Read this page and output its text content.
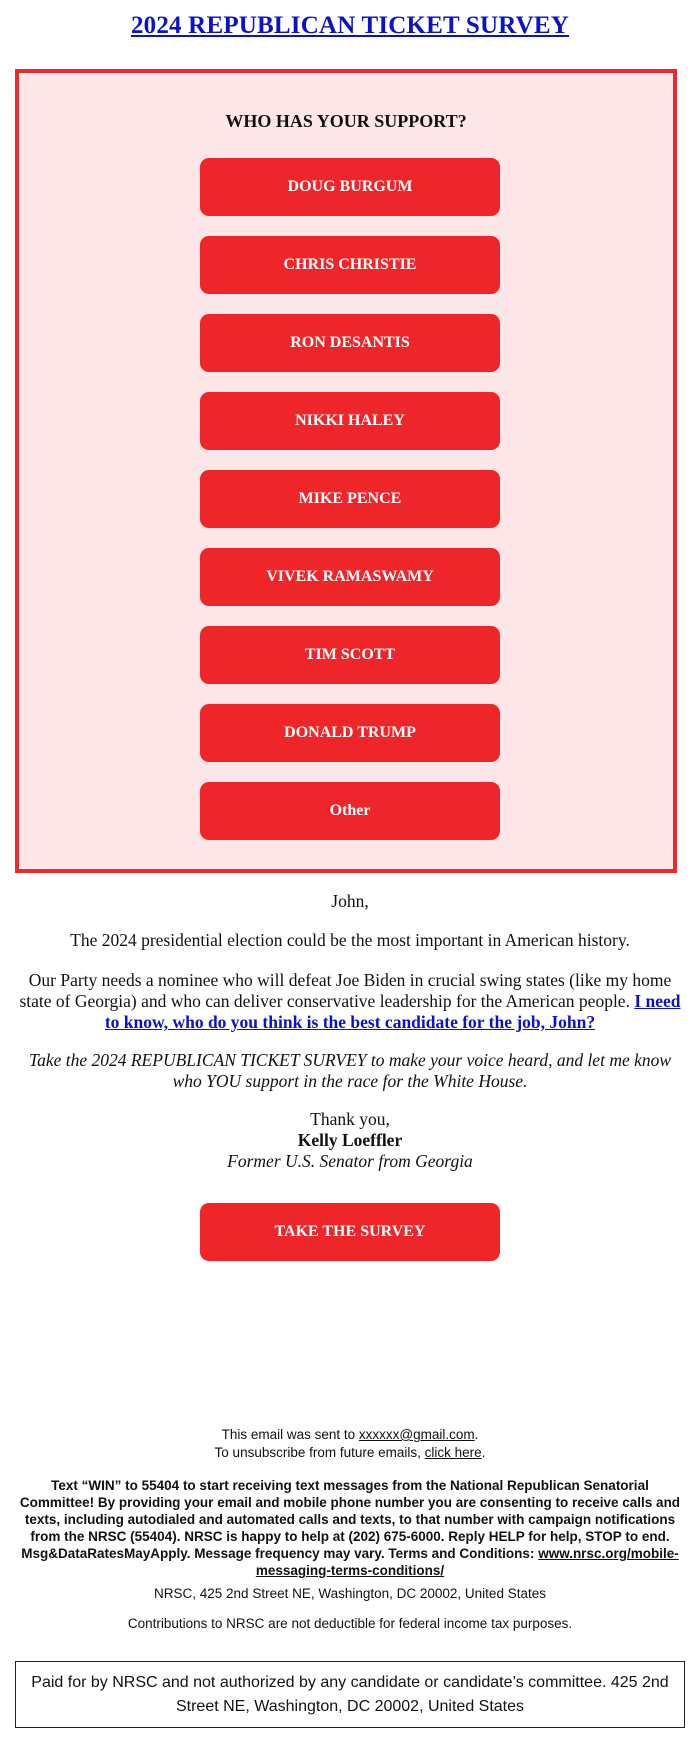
2024 REPUBLICAN TICKET SURVEY
WHO HAS YOUR SUPPORT?
DOUG BURGUM
CHRIS CHRISTIE
RON DESANTIS
NIKKI HALEY
MIKE PENCE
VIVEK RAMASWAMY
TIM SCOTT
DONALD TRUMP
Other
John,
The 2024 presidential election could be the most important in American history.
Our Party needs a nominee who will defeat Joe Biden in crucial swing states (like my home state of Georgia) and who can deliver conservative leadership for the American people. I need to know, who do you think is the best candidate for the job, John?
Take the 2024 REPUBLICAN TICKET SURVEY to make your voice heard, and let me know who YOU support in the race for the White House.
Thank you,
Kelly Loeffler
Former U.S. Senator from Georgia
TAKE THE SURVEY
This email was sent to xxxxxx@gmail.com.
To unsubscribe from future emails, click here.
Text “WIN” to 55404 to start receiving text messages from the National Republican Senatorial Committee! By providing your email and mobile phone number you are consenting to receive calls and texts, including autodialed and automated calls and texts, to that number with campaign notifications from the NRSC (55404). NRSC is happy to help at (202) 675-6000. Reply HELP for help, STOP to end. Msg&DataRatesMayApply. Message frequency may vary. Terms and Conditions: www.nrsc.org/mobile-messaging-terms-conditions/
NRSC, 425 2nd Street NE, Washington, DC 20002, United States
Contributions to NRSC are not deductible for federal income tax purposes.
Paid for by NRSC and not authorized by any candidate or candidate’s committee. 425 2nd Street NE, Washington, DC 20002, United States
